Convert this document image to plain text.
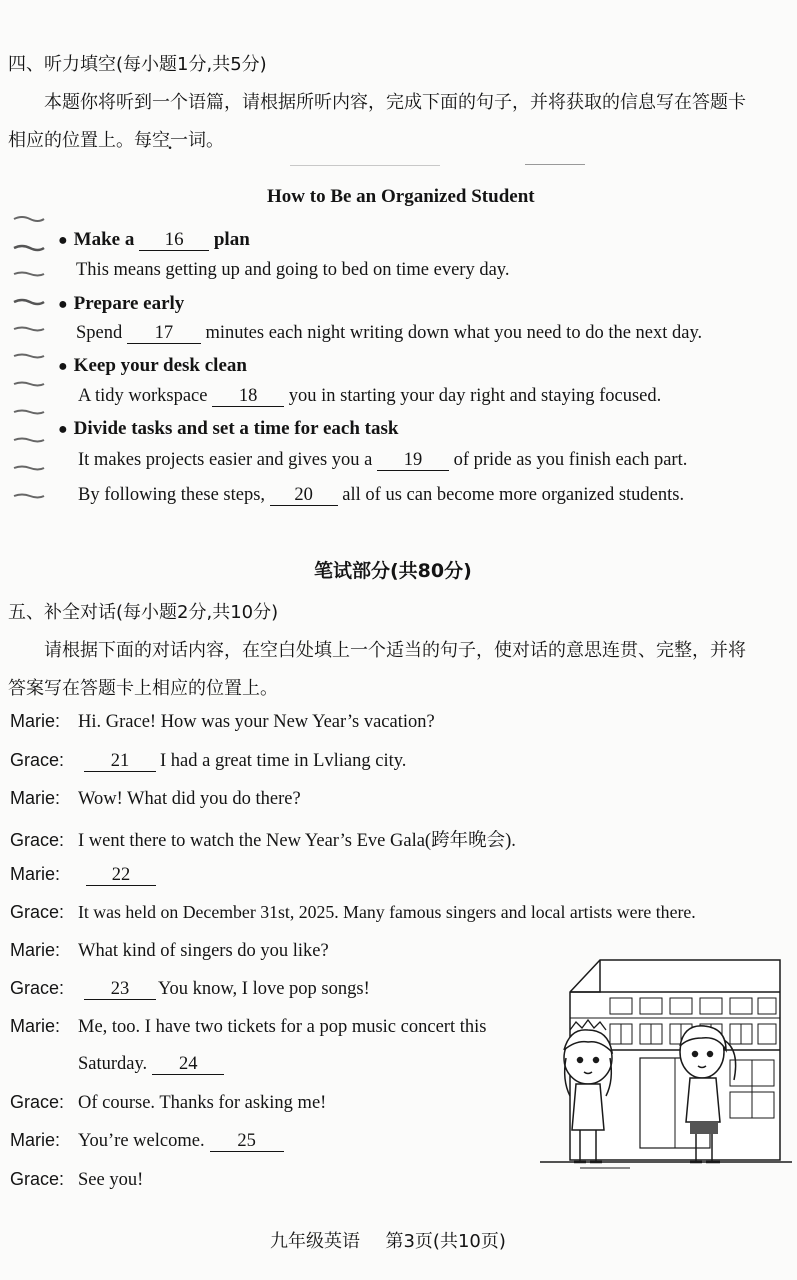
四、听力填空(每小题1分,共5分)
本题你将听到一个语篇，请根据所听内容，完成下面的句子，并将获取的信息写在答题卡
相应的位置上。每空一词。
How to Be an Organized Student
● Make a 16 plan
This means getting up and going to bed on time every day.
● Prepare early
Spend 17 minutes each night writing down what you need to do the next day.
● Keep your desk clean
A tidy workspace 18 you in starting your day right and staying focused.
● Divide tasks and set a time for each task
It makes projects easier and gives you a 19 of pride as you finish each part.
By following these steps, 20 all of us can become more organized students.
笔试部分(共80分)
五、补全对话(每小题2分,共10分)
请根据下面的对话内容，在空白处填上一个适当的句子，使对话的意思连贯、完整，并将
答案写在答题卡上相应的位置上。
Marie: Hi. Grace! How was your New Year’s vacation?
Grace:	21 I had a great time in Lvliang city.
Marie: Wow! What did you do there?
Grace: I went there to watch the New Year’s Eve Gala(跨年晚会).
Marie:	22
Grace: It was held on December 31st, 2025. Many famous singers and local artists were there.
Marie: What kind of singers do you like?
Grace:	23 You know, I love pop songs!
Marie: Me, too. I have two tickets for a pop music concert this
Saturday. 24
Grace: Of course. Thanks for asking me!
Marie: You’re welcome. 25
Grace: See you!
九年级英语 第3页(共10页)
